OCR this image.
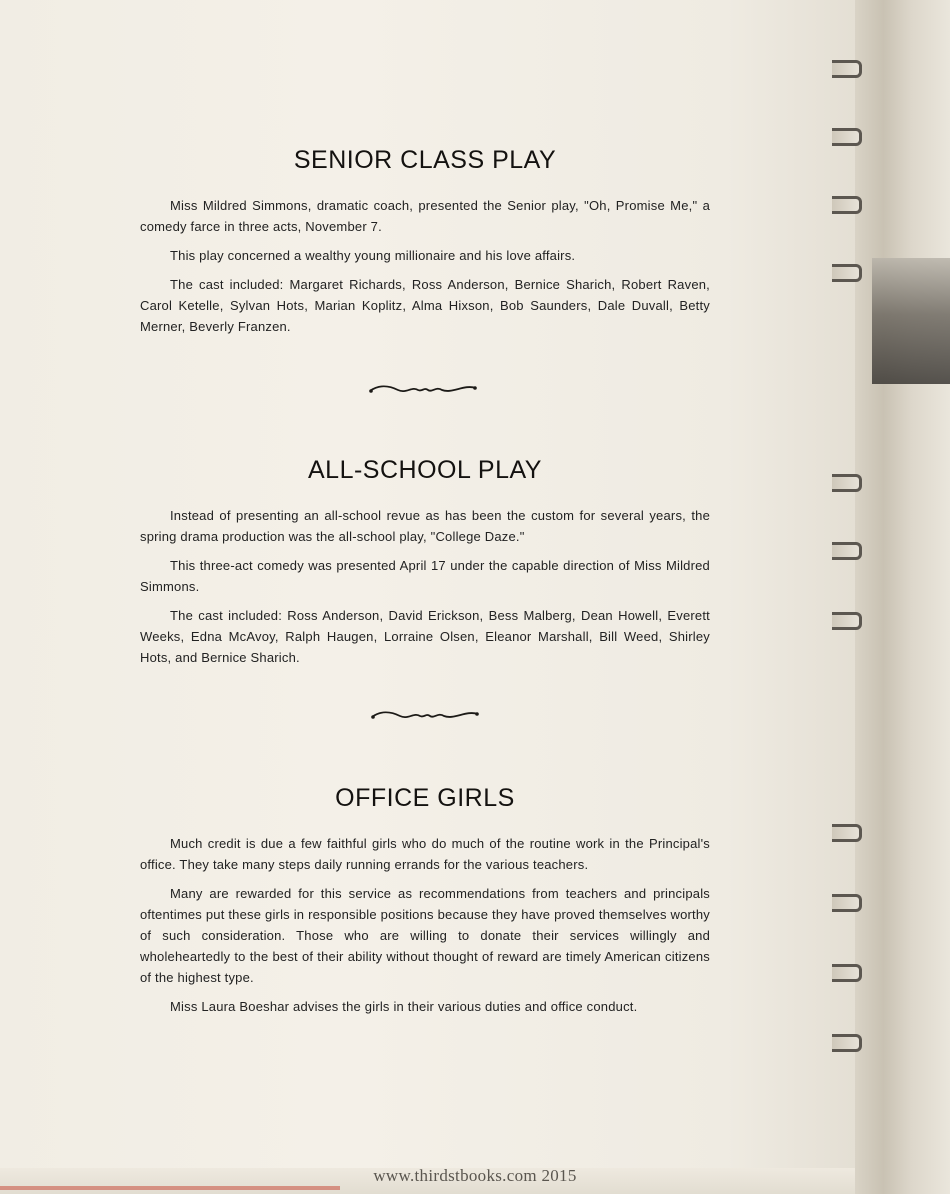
SENIOR CLASS PLAY

Miss Mildred Simmons, dramatic coach, presented the Senior play, "Oh, Promise Me," a comedy farce in three acts, November 7.

This play concerned a wealthy young millionaire and his love affairs.

The cast included: Margaret Richards, Ross Anderson, Bernice Sharich, Robert Raven, Carol Ketelle, Sylvan Hots, Marian Koplitz, Alma Hixson, Bob Saunders, Dale Duvall, Betty Merner, Beverly Franzen.

ALL-SCHOOL PLAY

Instead of presenting an all-school revue as has been the custom for several years, the spring drama production was the all-school play, "College Daze."

This three-act comedy was presented April 17 under the capable direction of Miss Mildred Simmons.

The cast included: Ross Anderson, David Erickson, Bess Malberg, Dean Howell, Everett Weeks, Edna McAvoy, Ralph Haugen, Lorraine Olsen, Eleanor Marshall, Bill Weed, Shirley Hots, and Bernice Sharich.

OFFICE GIRLS

Much credit is due a few faithful girls who do much of the routine work in the Principal's office. They take many steps daily running errands for the various teachers.

Many are rewarded for this service as recommendations from teachers and principals oftentimes put these girls in responsible positions because they have proved themselves worthy of such consideration. Those who are willing to donate their services willingly and wholeheartedly to the best of their ability without thought of reward are timely American citizens of the highest type.

Miss Laura Boeshar advises the girls in their various duties and office conduct.

www.thirdstbooks.com 2015
